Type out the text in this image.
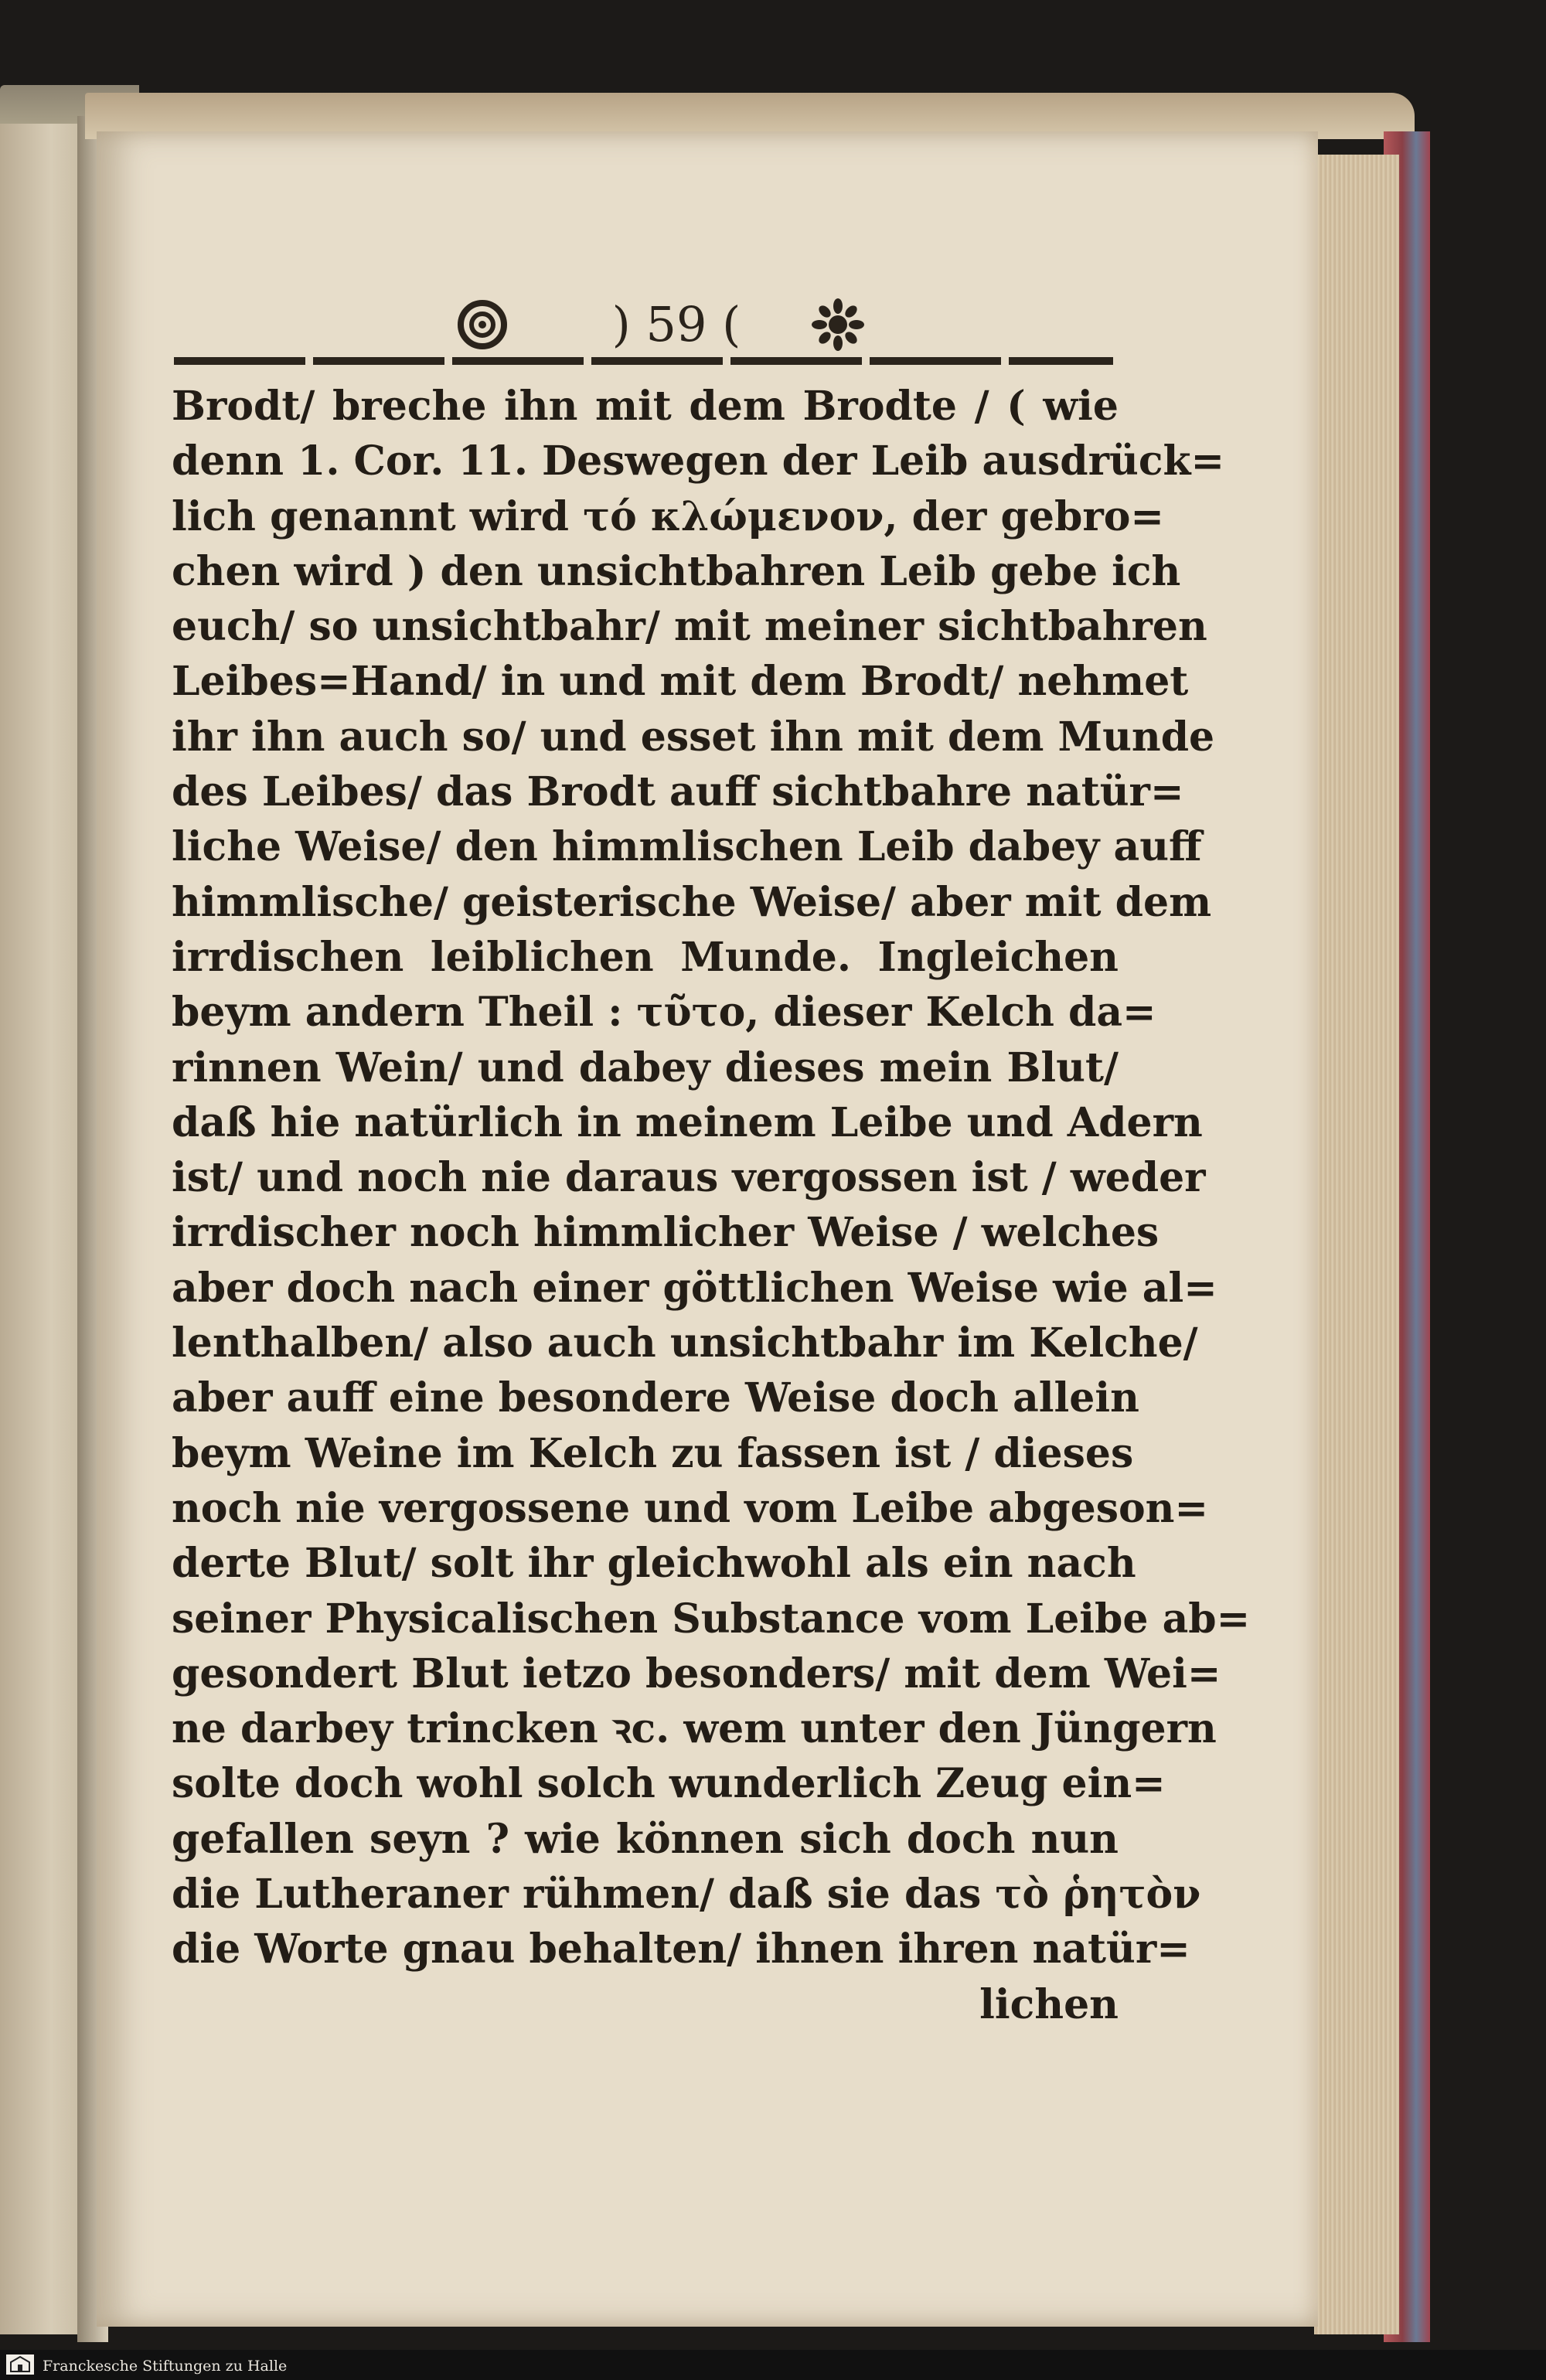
) 59 (
Brodt/ breche ihn mit dem Brodte / ( wie
denn 1. Cor. 11. Deswegen der Leib ausdrück=
lich genannt wird τό κλώμενον, der gebro=
chen wird ) den unsichtbahren Leib gebe ich
euch/ so unsichtbahr/ mit meiner sichtbahren
Leibes=Hand/ in und mit dem Brodt/ nehmet
ihr ihn auch so/ und esset ihn mit dem Munde
des Leibes/ das Brodt auff sichtbahre natür=
liche Weise/ den himmlischen Leib dabey auff
himmlische/ geisterische Weise/ aber mit dem
irrdischen leiblichen Munde. Ingleichen
beym andern Theil : τῦτο, dieser Kelch da=
rinnen Wein/ und dabey dieses mein Blut/
daß hie natürlich in meinem Leibe und Adern
ist/ und noch nie daraus vergossen ist / weder
irrdischer noch himmlicher Weise / welches
aber doch nach einer göttlichen Weise wie al=
lenthalben/ also auch unsichtbahr im Kelche/
aber auff eine besondere Weise doch allein
beym Weine im Kelch zu fassen ist / dieses
noch nie vergossene und vom Leibe abgeson=
derte Blut/ solt ihr gleichwohl als ein nach
seiner Physicalischen Substance vom Leibe ab=
gesondert Blut ietzo besonders/ mit dem Wei=
ne darbey trincken ꝛc. wem unter den Jüngern
solte doch wohl solch wunderlich Zeug ein=
gefallen seyn ? wie können sich doch nun
die Lutheraner rühmen/ daß sie das τὸ ῥητὸν
die Worte gnau behalten/ ihnen ihren natür=
lichen
Franckesche Stiftungen zu Halle
